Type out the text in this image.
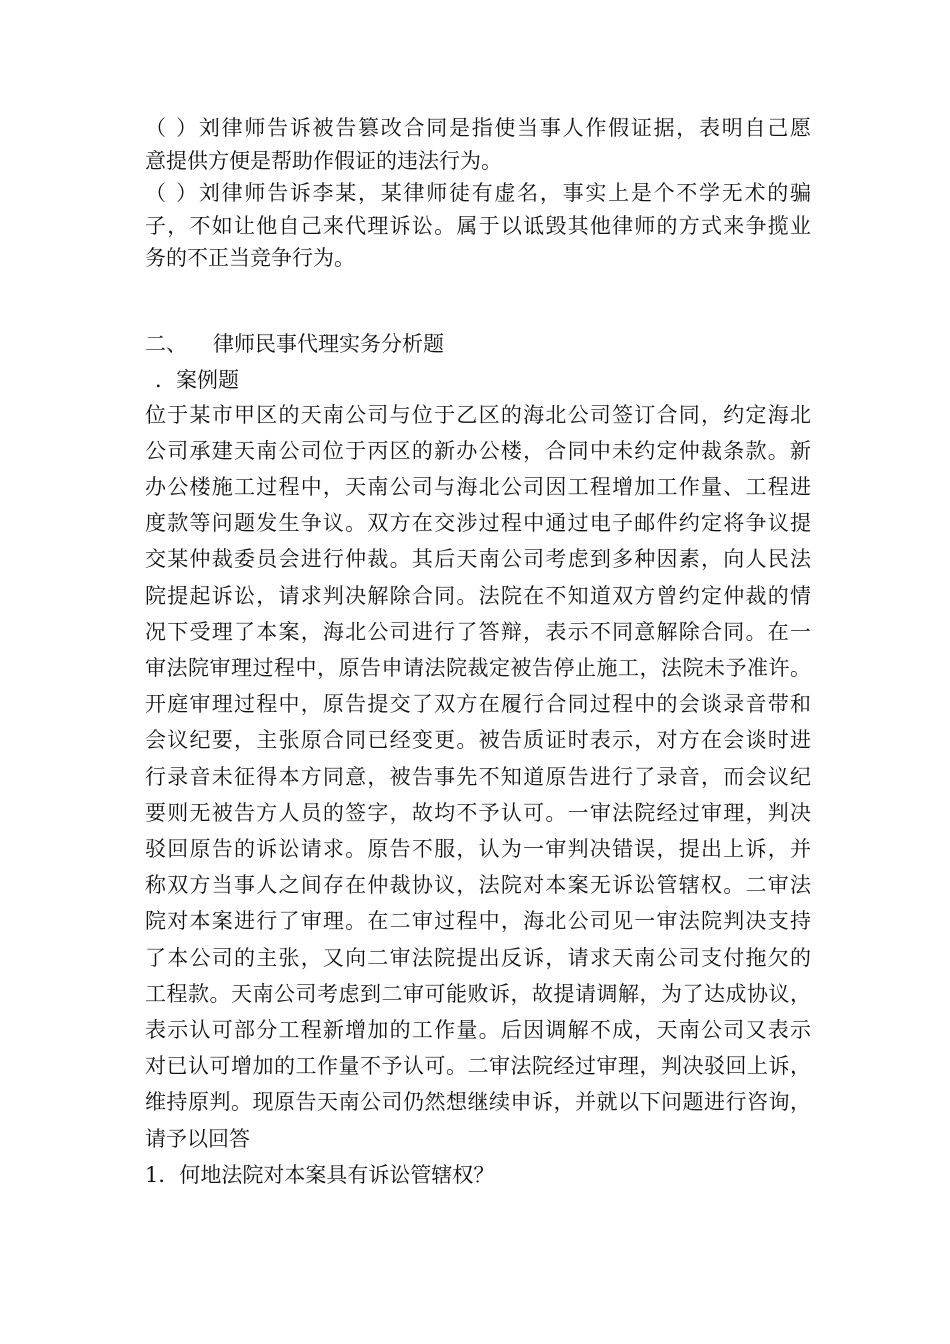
（ ）刘律师告诉被告篡改合同是指使当事人作假证据，表明自己愿
意提供方便是帮助作假证的违法行为。
（ ）刘律师告诉李某，某律师徒有虚名，事实上是个不学无术的骗
子，不如让他自己来代理诉讼。属于以诋毁其他律师的方式来争揽业
务的不正当竞争行为。
二、	律师民事代理实务分析题
．案例题
位于某市甲区的天南公司与位于乙区的海北公司签订合同，约定海北
公司承建天南公司位于丙区的新办公楼，合同中未约定仲裁条款。新
办公楼施工过程中，天南公司与海北公司因工程增加工作量、工程进
度款等问题发生争议。双方在交涉过程中通过电子邮件约定将争议提
交某仲裁委员会进行仲裁。其后天南公司考虑到多种因素，向人民法
院提起诉讼，请求判决解除合同。法院在不知道双方曾约定仲裁的情
况下受理了本案，海北公司进行了答辩，表示不同意解除合同。在一
审法院审理过程中，原告申请法院裁定被告停止施工，法院未予准许。
开庭审理过程中，原告提交了双方在履行合同过程中的会谈录音带和
会议纪要，主张原合同已经变更。被告质证时表示，对方在会谈时进
行录音未征得本方同意，被告事先不知道原告进行了录音，而会议纪
要则无被告方人员的签字，故均不予认可。一审法院经过审理，判决
驳回原告的诉讼请求。原告不服，认为一审判决错误，提出上诉，并
称双方当事人之间存在仲裁协议，法院对本案无诉讼管辖权。二审法
院对本案进行了审理。在二审过程中，海北公司见一审法院判决支持
了本公司的主张，又向二审法院提出反诉，请求天南公司支付拖欠的
工程款。天南公司考虑到二审可能败诉，故提请调解，为了达成协议，
表示认可部分工程新增加的工作量。后因调解不成，天南公司又表示
对已认可增加的工作量不予认可。二审法院经过审理，判决驳回上诉，
维持原判。现原告天南公司仍然想继续申诉，并就以下问题进行咨询，
请予以回答
1．何地法院对本案具有诉讼管辖权？
